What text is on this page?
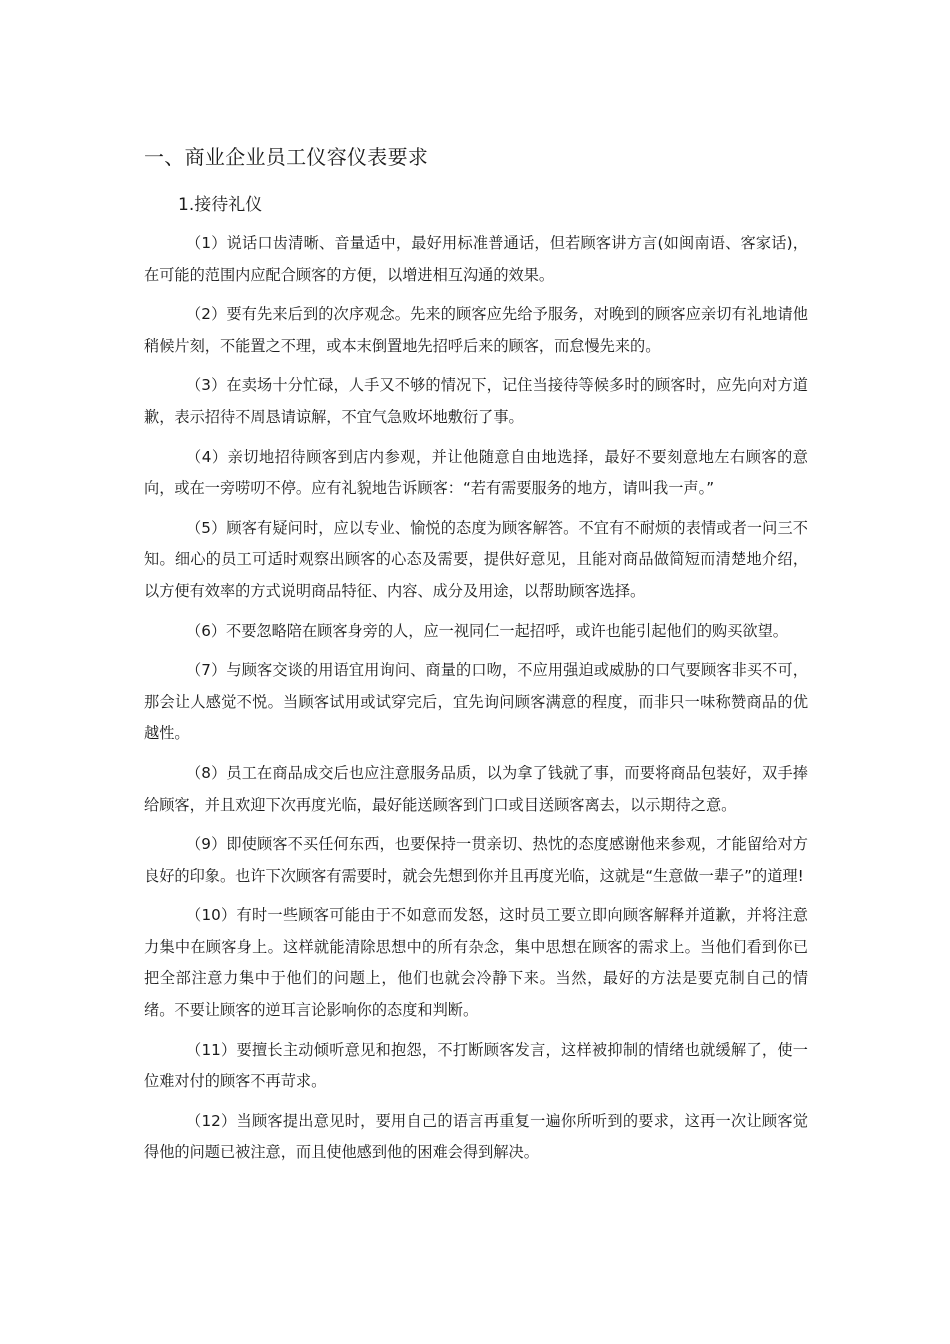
一、商业企业员工仪容仪表要求
1.接待礼仪

（1）说话口齿清晰、音量适中，最好用标准普通话，但若顾客讲方言(如闽南语、客家话)，在可能的范围内应配合顾客的方便，以增进相互沟通的效果。

（2）要有先来后到的次序观念。先来的顾客应先给予服务，对晚到的顾客应亲切有礼地请他稍候片刻，不能置之不理，或本末倒置地先招呼后来的顾客，而怠慢先来的。

（3）在卖场十分忙碌，人手又不够的情况下，记住当接待等候多时的顾客时，应先向对方道歉，表示招待不周恳请谅解，不宜气急败坏地敷衍了事。

（4）亲切地招待顾客到店内参观，并让他随意自由地选择，最好不要刻意地左右顾客的意向，或在一旁唠叨不停。应有礼貌地告诉顾客：“若有需要服务的地方，请叫我一声。”

（5）顾客有疑问时，应以专业、愉悦的态度为顾客解答。不宜有不耐烦的表情或者一问三不知。细心的员工可适时观察出顾客的心态及需要，提供好意见，且能对商品做简短而清楚地介绍，以方便有效率的方式说明商品特征、内容、成分及用途，以帮助顾客选择。

（6）不要忽略陪在顾客身旁的人，应一视同仁一起招呼，或许也能引起他们的购买欲望。

（7）与顾客交谈的用语宜用询问、商量的口吻，不应用强迫或威胁的口气要顾客非买不可，那会让人感觉不悦。当顾客试用或试穿完后，宜先询问顾客满意的程度，而非只一味称赞商品的优越性。

（8）员工在商品成交后也应注意服务品质，以为拿了钱就了事，而要将商品包装好，双手捧给顾客，并且欢迎下次再度光临，最好能送顾客到门口或目送顾客离去，以示期待之意。

（9）即使顾客不买任何东西，也要保持一贯亲切、热忱的态度感谢他来参观，才能留给对方良好的印象。也许下次顾客有需要时，就会先想到你并且再度光临，这就是“生意做一辈子”的道理!

（10）有时一些顾客可能由于不如意而发怒，这时员工要立即向顾客解释并道歉，并将注意力集中在顾客身上。这样就能清除思想中的所有杂念，集中思想在顾客的需求上。当他们看到你已把全部注意力集中于他们的问题上，他们也就会冷静下来。当然，最好的方法是要克制自己的情绪。不要让顾客的逆耳言论影响你的态度和判断。

（11）要擅长主动倾听意见和抱怨，不打断顾客发言，这样被抑制的情绪也就缓解了，使一位难对付的顾客不再苛求。

（12）当顾客提出意见时，要用自己的语言再重复一遍你所听到的要求，这再一次让顾客觉得他的问题已被注意，而且使他感到他的困难会得到解决。
